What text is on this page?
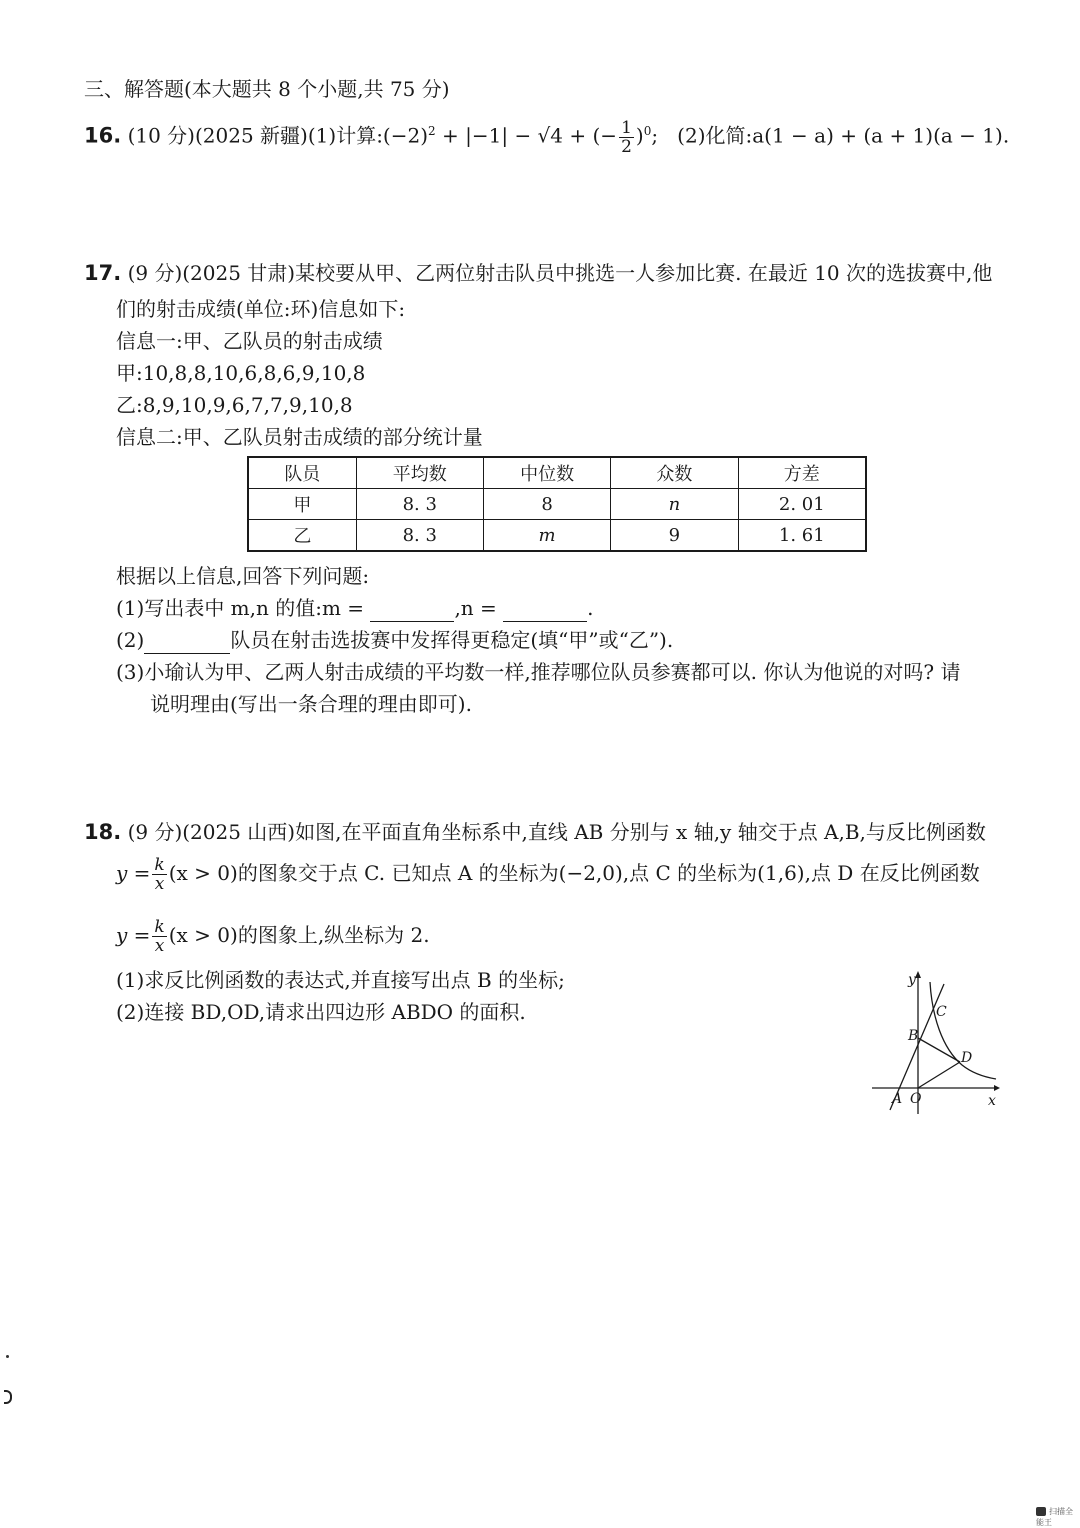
三、解答题(本大题共 8 个小题,共 75 分)
16. (10 分)(2025 新疆)(1)计算$:(-2)^2 + |-1| - √4$ + (− $\frac{1}{2} )^0$; (2)化简:a(1 − a) + (a + 1)(a − 1).
17. (9 分)(2025 甘肃)某校要从甲、乙两位射击队员中挑选一人参加比赛. 在最近 10 次的选拔赛中,他
们的射击成绩(单位:环)信息如下:
信息一:甲、乙队员的射击成绩
甲:10,8,8,10,6,8,6,9,10,8
乙:8,9,10,9,6,7,7,9,10,8
信息二:甲、乙队员射击成绩的部分统计量
队员	平均数	中位数	众数	方差
甲	8. 3	8	n	2. 01
乙	8. 3	m	9	1. 61
根据以上信息,回答下列问题:
(1)写出表中 m,n 的值:m =	,n =	.
(2)	队员在射击选拔赛中发挥得更稳定(填“甲”或“乙”).
(3)小瑜认为甲、乙两人射击成绩的平均数一样,推荐哪位队员参赛都可以. 你认为他说的对吗? 请
说明理由(写出一条合理的理由即可).
18. (9 分)(2025 山西)如图,在平面直角坐标系中,直线 AB 分别与 x 轴,y 轴交于点 A,B,与反比例函数
$y = \frac{k}{x} (x > 0)$的图象交于点 C. 已知点 A 的坐标为(−2,0),点 C 的坐标为(1,6),点 D 在反比例函数
$y = \frac{k}{x} (x > 0)$的图象上,纵坐标为 2.
(1)求反比例函数的表达式,并直接写出点 B 的坐标;
(2)连接 BD,OD,请求出四边形 ABDO 的面积.
y
x
A O
B
C
D
扫描全能王
